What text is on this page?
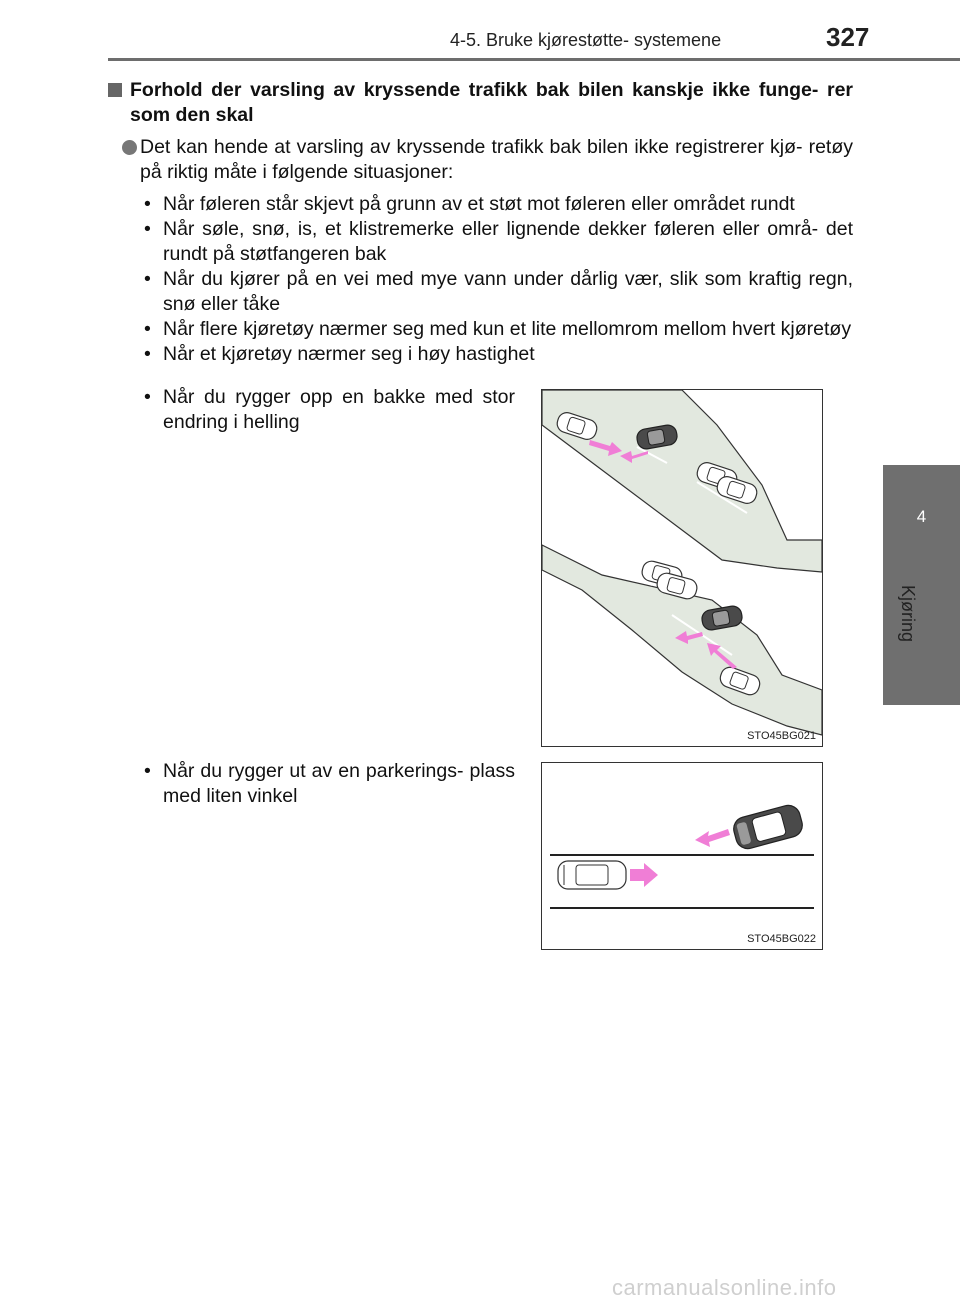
4-5. Bruke kjørestøtte- systemene	327
4
Kjøring
Forhold der varsling av kryssende trafikk bak bilen kanskje ikke funge- rer som den skal
Det kan hende at varsling av kryssende trafikk bak bilen ikke registrerer kjø- retøy på riktig måte i følgende situasjoner:
• Når føleren står skjevt på grunn av et støt mot føleren eller området rundt
• Når søle, snø, is, et klistremerke eller lignende dekker føleren eller områ- det rundt på støtfangeren bak
• Når du kjører på en vei med mye vann under dårlig vær, slik som kraftig regn, snø eller tåke
• Når flere kjøretøy nærmer seg med kun et lite mellomrom mellom hvert kjøretøy
• Når et kjøretøy nærmer seg i høy hastighet
• Når du rygger opp en bakke med stor endring i helling
STO45BG021
• Når du rygger ut av en parkerings- plass med liten vinkel
STO45BG022
carmanualsonline.info
